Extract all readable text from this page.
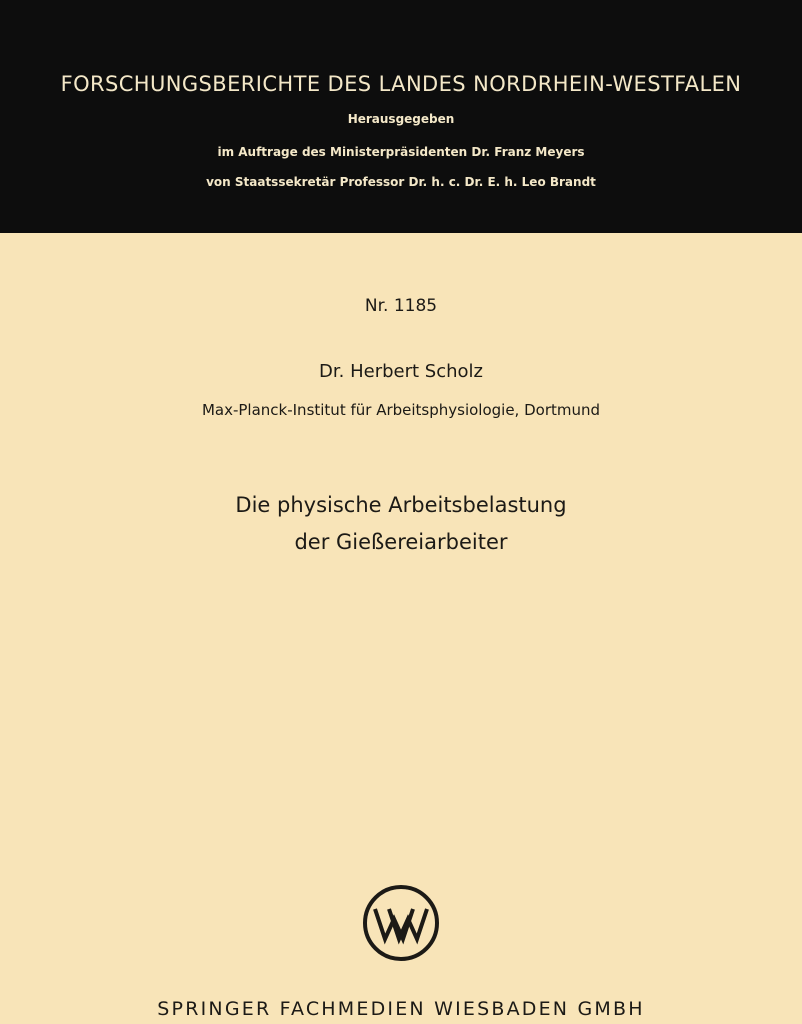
FORSCHUNGSBERICHTE DES LANDES NORDRHEIN-WESTFALEN
Herausgegeben
im Auftrage des Ministerpräsidenten Dr. Franz Meyers
von Staatssekretär Professor Dr. h. c. Dr. E. h. Leo Brandt
Nr. 1185
Dr. Herbert Scholz
Max-Planck-Institut für Arbeitsphysiologie, Dortmund
Die physische Arbeitsbelastung
der Gießereiarbeiter
SPRINGER FACHMEDIEN WIESBADEN GMBH
